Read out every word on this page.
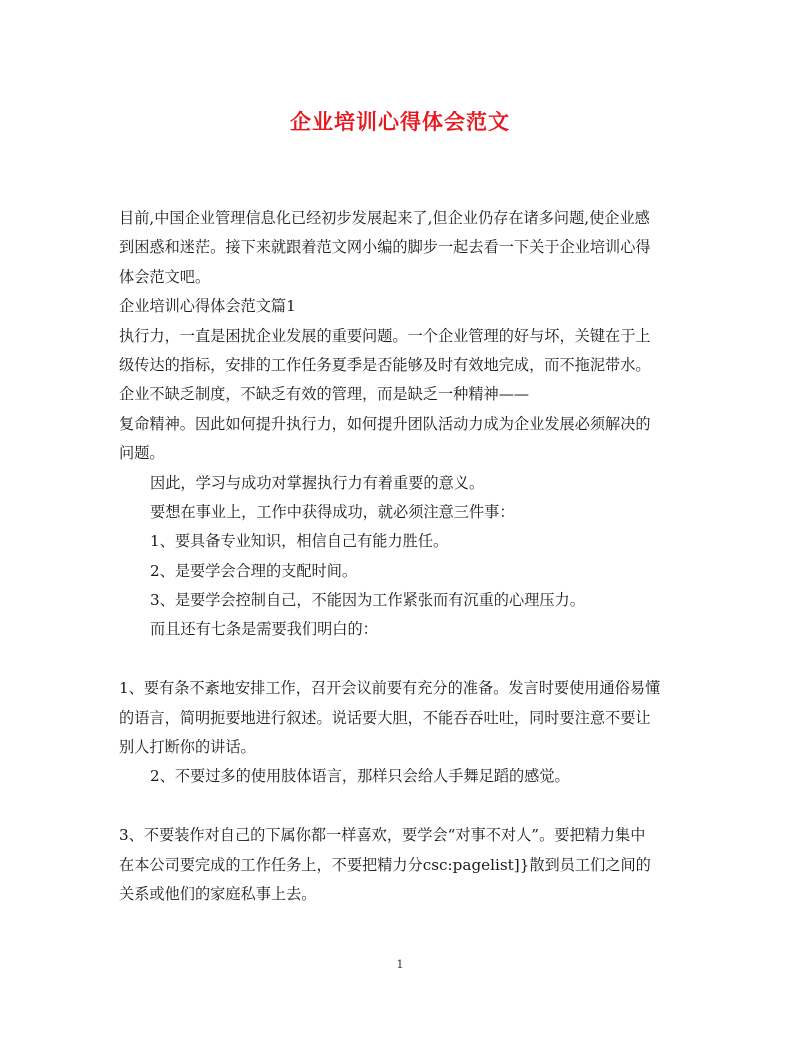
企业培训心得体会范文
目前,中国企业管理信息化已经初步发展起来了,但企业仍存在诸多问题,使企业感
到困惑和迷茫。接下来就跟着范文网小编的脚步一起去看一下关于企业培训心得
体会范文吧。
企业培训心得体会范文篇1
执行力，一直是困扰企业发展的重要问题。一个企业管理的好与坏，关键在于上
级传达的指标，安排的工作任务夏季是否能够及时有效地完成，而不拖泥带水。
企业不缺乏制度，不缺乏有效的管理，而是缺乏一种精神——
复命精神。因此如何提升执行力，如何提升团队活动力成为企业发展必须解决的
问题。
因此，学习与成功对掌握执行力有着重要的意义。
要想在事业上，工作中获得成功，就必须注意三件事：
1、要具备专业知识，相信自己有能力胜任。
2、是要学会合理的支配时间。
3、是要学会控制自己，不能因为工作紧张而有沉重的心理压力。
而且还有七条是需要我们明白的：
1、要有条不紊地安排工作，召开会议前要有充分的准备。发言时要使用通俗易懂
的语言，简明扼要地进行叙述。说话要大胆，不能吞吞吐吐，同时要注意不要让
别人打断你的讲话。
2、不要过多的使用肢体语言，那样只会给人手舞足蹈的感觉。
3、不要装作对自己的下属你都一样喜欢，要学会“对事不对人”。要把精力集中
在本公司要完成的工作任务上，不要把精力分csc:pagelist]}散到员工们之间的
关系或他们的家庭私事上去。
1
